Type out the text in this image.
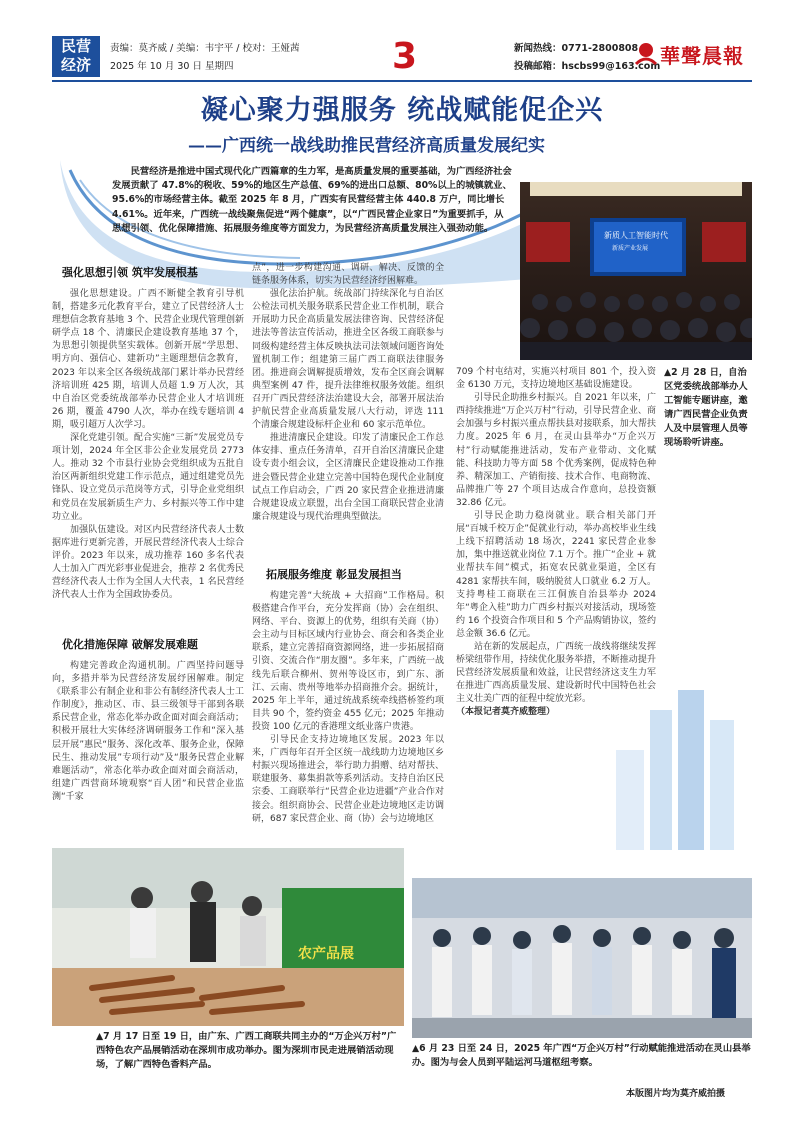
民营
经济
责编：莫齐威 / 美编：韦宇平 / 校对：王娅茜
2025 年 10 月 30 日 星期四	3	新闻热线：0771-2800808
投稿邮箱：hscbs99@163.com 華聲晨報
凝心聚力强服务 统战赋能促企兴
——广西统一战线助推民营经济高质量发展纪实
民营经济是推进中国式现代化广西篇章的生力军，是高质量发展的重要基础，为广西经济社会发展贡献了 47.8%的税收、59%的地区生产总值、69%的进出口总额、80%以上的城镇就业、95.6%的市场经营主体。截至 2025 年 8 月，广西实有民营经营主体 440.8 万户，同比增长 4.61%。近年来，广西统一战线聚焦促进“两个健康”，以“广西民营企业家日”为重要抓手，从思想引领、优化保障措施、拓展服务维度等方面发力，为民营经济高质量发展注入强劲动能。
新质人工智能时代
新质产业发展
强化思想引领 筑牢发展根基

强化思想建设。广西不断健全教育引导机制，搭建多元化教育平台，建立了民营经济人士理想信念教育基地 3 个、民营企业现代管理创新研学点 18 个、清廉民企建设教育基地 37 个，为思想引领提供坚实载体。创新开展“学思想、明方向、强信心、建新功”主题理想信念教育，2023 年以来全区各级统战部门累计举办民营经济培训班 425 期，培训人员超 1.9 万人次，其中自治区党委统战部举办民营企业人才培训班 26 期，覆盖 4790 人次，举办在线专题培训 4 期，吸引超万人次学习。

深化党建引领。配合实施“三新”发展党员专项计划，2024 年全区非公企业发展党员 2773 人。推动 32 个市县行业协会党组织成为五批自治区两新组织党建工作示范点，通过组建党员先锋队、设立党员示范岗等方式，引导企业党组织和党员在发展新质生产力、乡村振兴等工作中建功立业。

加强队伍建设。对区内民营经济代表人士数据库进行更新完善，开展民营经济代表人士综合评价。2023 年以来，成功推荐 160 多名代表人士加入广西光彩事业促进会，推荐 2 名优秀民营经济代表人士作为全国人大代表，1 名民营经济代表人士作为全国政协委员。

优化措施保障 破解发展难题

构建完善政企沟通机制。广西坚持问题导向，多措并举为民营经济发展纾困解难。制定《联系非公有制企业和非公有制经济代表人士工作制度》，推动区、市、县三级领导干部到各联系民营企业，常态化举办政企面对面会商活动；积极开展壮大实体经济调研服务工作和“深入基层开展”惠民“服务、深化改革、服务企业，保障民生、推动发展”专项行动”及“服务民营企业解难题活动”，常态化举办政企面对面会商活动，组建广西营商环境观察“百人团”和民营企业监测“千家

点”，进一步构建沟通、调研、解决、反馈的全链条服务体系，切实为民营经济纾困解难。

强化法治护航。统战部门持续深化与自治区公检法司机关服务联系民营企业工作机制，联合开展助力民企高质量发展法律咨询、民营经济促进法等普法宣传活动，推进全区各级工商联参与同级构建经营主体反映执法司法领域问题咨询处置机制工作；组建第三届广西工商联法律服务团。推进商会调解提质增效，发布全区商会调解典型案例 47 件，提升法律维权服务效能。组织召开广西民营经济法治建设大会，部署开展法治护航民营企业高质量发展八大行动，评选 111 个清廉合规建设标杆企业和 60 家示范单位。

推进清廉民企建设。印发了清廉民企工作总体安排、重点任务清单，召开自治区清廉民企建设专责小组会议，全区清廉民企建设推动工作推进会暨民营企业建立完善中国特色现代企业制度试点工作启动会，广西 20 家民营企业推进清廉合规建设成立联盟，出台全国工商联民营企业清廉合规建设与现代治理典型做法。

拓展服务维度 彰显发展担当

构建完善“大统战 + 大招商”工作格局。积极搭建合作平台，充分发挥商（协）会在组织、网络、平台、资源上的优势，组织有关商（协）会主动与目标区域内行业协会、商会和各类企业联系，建立完善招商资源网络，进一步拓展招商引资、交流合作“朋友圈”。多年来，广西统一战线先后联合柳州、贺州等设区市，到广东、浙江、云南、贵州等地举办招商推介会。据统计，2025 年上半年，通过统战系统牵线搭桥签约项目共 90 个，签约资金 455 亿元；2025 年推动投资 100 亿元的香港理文纸业落户贵港。

引导民企支持边境地区发展。2023 年以来，广西每年召开全区统一战线助力边境地区乡村振兴现场推进会，举行助力捐赠、结对帮扶、联建服务、募集捐款等系列活动。支持自治区民宗委、工商联举行“民营企业边进疆”产业合作对接会。组织商协会、民营企业赴边境地区走访调研，687 家民营企业、商（协）会与边境地区

709 个村屯结对，实施兴村项目 801 个，投入资金 6130 万元，支持边境地区基础设施建设。

引导民企助推乡村振兴。自 2021 年以来，广西持续推进“万企兴万村”行动，引导民营企业、商会加强与乡村振兴重点帮扶县对接联系，加大帮扶力度。2025 年 6 月，在灵山县举办“万企兴万村”行动赋能推进活动，发布产业带动、文化赋能、科技助力等方面 58 个优秀案例，促成特色种养、精深加工、产销衔接、技术合作、电商物流、品牌推广等 27 个项目达成合作意向，总投资额 32.86 亿元。

引导民企助力稳岗就业。联合相关部门开展“百城千校万企”促就业行动，举办高校毕业生线上线下招聘活动 18 场次，2241 家民营企业参加，集中推送就业岗位 7.1 万个。推广“企业 + 就业帮扶车间”模式，拓宽农民就业渠道，全区有 4281 家帮扶车间，吸纳脱贫人口就业 6.2 万人。支持粤桂工商联在三江侗族自治县举办 2024 年“粤企入桂”助力广西乡村振兴对接活动，现场签约 16 个投资合作项目和 5 个产品购销协议，签约总金额 36.6 亿元。

站在新的发展起点，广西统一战线将继续发挥桥梁纽带作用，持续优化服务举措，不断推动提升民营经济发展质量和效益，让民营经济这支生力军在推进广西高质量发展、建设新时代中国特色社会主义壮美广西的征程中绽放光彩。

（本报记者莫齐威整理）

▲2 月 28 日，自治区党委统战部举办人工智能专题讲座，邀请广西民营企业负责人及中层管理人员等现场聆听讲座。
农产品展
▲7 月 17 日至 19 日，由广东、广西工商联共同主办的“万企兴万村”广西特色农产品展销活动在深圳市成功举办。图为深圳市民走进展销活动现场，了解广西特色香料产品。
▲6 月 23 日至 24 日，2025 年广西“万企兴万村”行动赋能推进活动在灵山县举办。图为与会人员到平陆运河马道枢纽考察。
本版图片均为莫齐威拍摄
